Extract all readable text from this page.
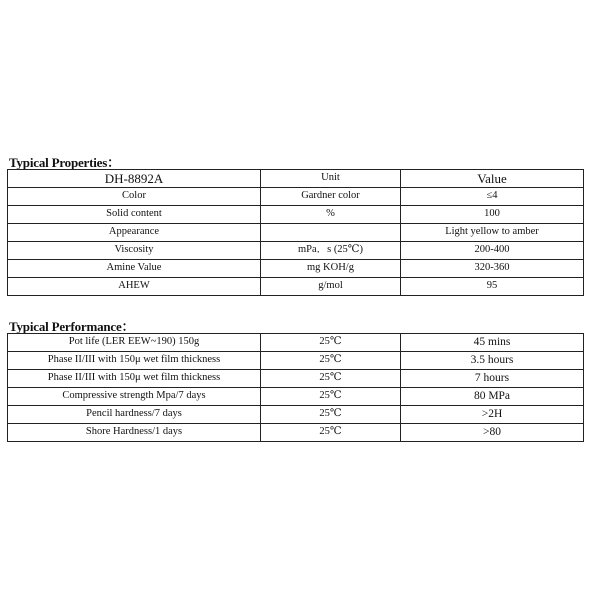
Typical Properties：
DH-8892A	Unit	Value
Color	Gardner color	≤4
Solid content	%	100
Appearance		Light yellow to amber
Viscosity	mPa．s (25℃)	200-400
Amine Value	mg KOH/g	320-360
AHEW	g/mol	95
Typical Performance：
Pot life (LER EEW~190) 150g	25℃	45 mins
Phase II/III with 150μ wet film thickness	25℃	3.5 hours
Phase II/III with 150μ wet film thickness	25℃	7 hours
Compressive strength Mpa/7 days	25℃	80 MPa
Pencil hardness/7 days	25℃	>2H
Shore Hardness/1 days	25℃	>80
